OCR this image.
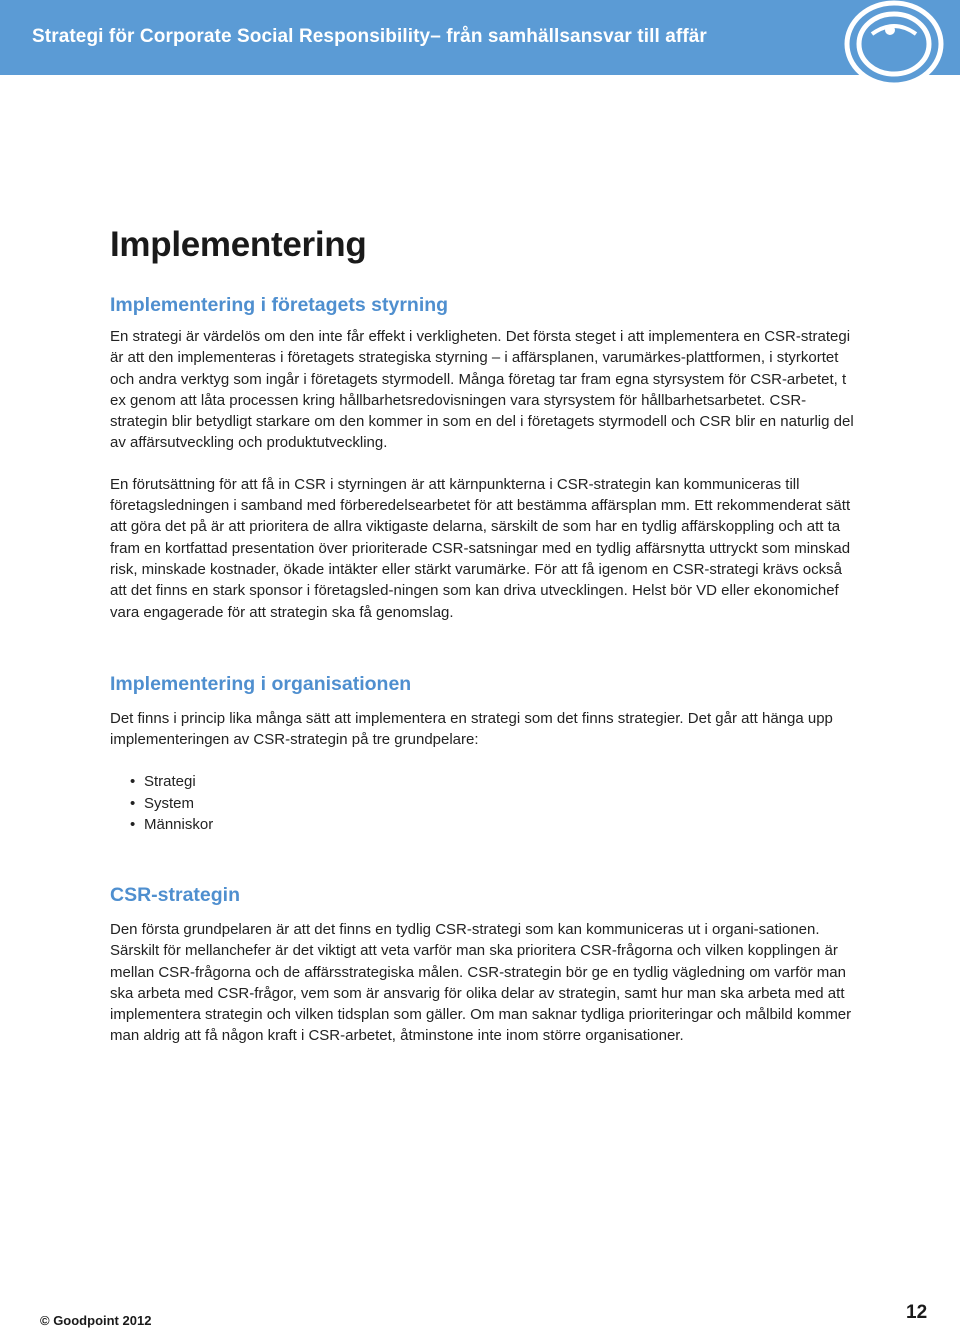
Strategi för Corporate Social Responsibility– från samhällsansvar till affär
Implementering
Implementering i företagets styrning

En strategi är värdelös om den inte får effekt i verkligheten. Det första steget i att implementera en CSR-strategi är att den implementeras i företagets strategiska styrning – i affärsplanen, varumärkes-plattformen, i styrkortet och andra verktyg som ingår i företagets styrmodell. Många företag tar fram egna styrsystem för CSR-arbetet, t ex genom att låta processen kring hållbarhetsredovisningen vara styrsystem för hållbarhetsarbetet. CSR-strategin blir betydligt starkare om den kommer in som en del i företagets styrmodell och CSR blir en naturlig del av affärsutveckling och produktutveckling.

En förutsättning för att få in CSR i styrningen är att kärnpunkterna i CSR-strategin kan kommuniceras till företagsledningen i samband med förberedelsearbetet för att bestämma affärsplan mm. Ett rekommenderat sätt att göra det på är att prioritera de allra viktigaste delarna, särskilt de som har en tydlig affärskoppling och att ta fram en kortfattad presentation över prioriterade CSR-satsningar med en tydlig affärsnytta uttryckt som minskad risk, minskade kostnader, ökade intäkter eller stärkt varumärke. För att få igenom en CSR-strategi krävs också att det finns en stark sponsor i företagsled-ningen som kan driva utvecklingen. Helst bör VD eller ekonomichef vara engagerade för att strategin ska få genomslag.

Implementering i organisationen

Det finns i princip lika många sätt att implementera en strategi som det finns strategier. Det går att hänga upp implementeringen av CSR-strategin på tre grundpelare:

• Strategi
• System
• Människor
CSR-strategin

Den första grundpelaren är att det finns en tydlig CSR-strategi som kan kommuniceras ut i organi-sationen. Särskilt för mellanchefer är det viktigt att veta varför man ska prioritera CSR-frågorna och vilken kopplingen är mellan CSR-frågorna och de affärsstrategiska målen. CSR-strategin bör ge en tydlig vägledning om varför man ska arbeta med CSR-frågor, vem som är ansvarig för olika delar av strategin, samt hur man ska arbeta med att implementera strategin och vilken tidsplan som gäller. Om man saknar tydliga prioriteringar och målbild kommer man aldrig att få någon kraft i CSR-arbetet, åtminstone inte inom större organisationer.

© Goodpoint 2012	12
